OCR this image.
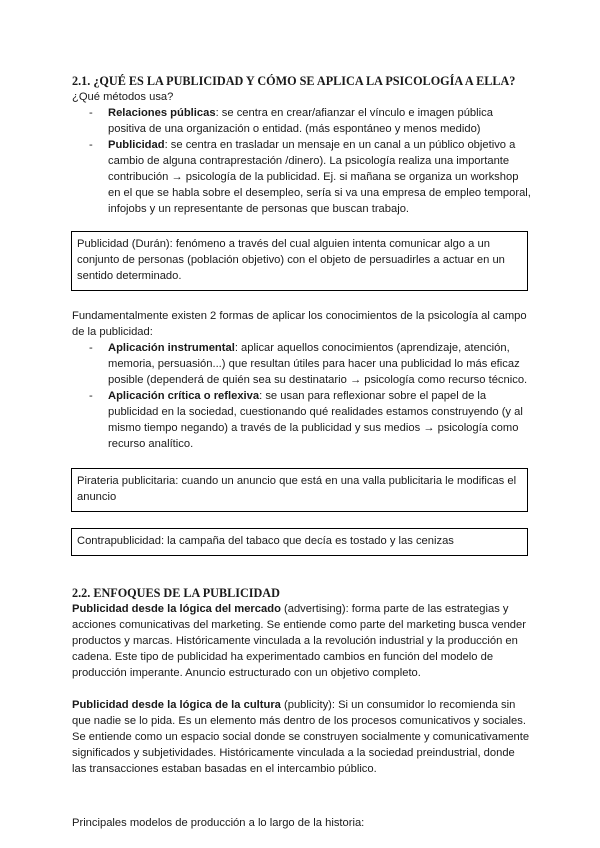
2.1. ¿QUÉ ES LA PUBLICIDAD Y CÓMO SE APLICA LA PSICOLOGÍA A ELLA?

¿Qué métodos usa?

- Relaciones públicas: se centra en crear/afianzar el vínculo e imagen pública positiva de una organización o entidad. (más espontáneo y menos medido)
- Publicidad: se centra en trasladar un mensaje en un canal a un público objetivo a cambio de alguna contraprestación /dinero). La psicología realiza una importante contribución → psicología de la publicidad. Ej. si mañana se organiza un workshop en el que se habla sobre el desempleo, sería si va una empresa de empleo temporal, infojobs y un representante de personas que buscan trabajo.
Publicidad (Durán): fenómeno a través del cual alguien intenta comunicar algo a un conjunto de personas (población objetivo) con el objeto de persuadirles a actuar en un sentido determinado.

Fundamentalmente existen 2 formas de aplicar los conocimientos de la psicología al campo de la publicidad:

- Aplicación instrumental: aplicar aquellos conocimientos (aprendizaje, atención, memoria, persuasión...) que resultan útiles para hacer una publicidad lo más eficaz posible (dependerá de quién sea su destinatario → psicología como recurso técnico.
- Aplicación crítica o reflexiva: se usan para reflexionar sobre el papel de la publicidad en la sociedad, cuestionando qué realidades estamos construyendo (y al mismo tiempo negando) a través de la publicidad y sus medios → psicología como recurso analítico.
Pirateria publicitaria: cuando un anuncio que está en una valla publicitaria le modificas el anuncio
Contrapublicidad: la campaña del tabaco que decía es tostado y las cenizas
2.2. ENFOQUES DE LA PUBLICIDAD

Publicidad desde la lógica del mercado (advertising): forma parte de las estrategias y acciones comunicativas del marketing. Se entiende como parte del marketing busca vender productos y marcas. Históricamente vinculada a la revolución industrial y la producción en cadena. Este tipo de publicidad ha experimentado cambios en función del modelo de producción imperante. Anuncio estructurado con un objetivo completo.

Publicidad desde la lógica de la cultura (publicity): Si un consumidor lo recomienda sin que nadie se lo pida. Es un elemento más dentro de los procesos comunicativos y sociales. Se entiende como un espacio social donde se construyen socialmente y comunicativamente significados y subjetividades. Históricamente vinculada a la sociedad preindustrial, donde las transacciones estaban basadas en el intercambio público.

Principales modelos de producción a lo largo de la historia:
